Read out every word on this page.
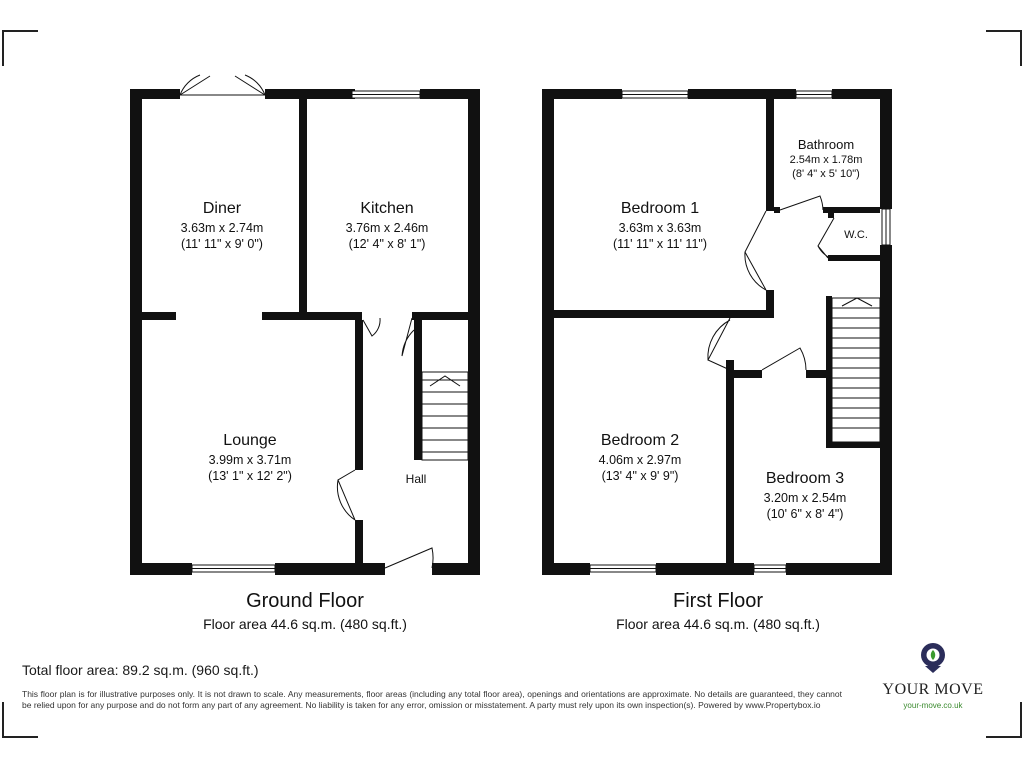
Diner
3.63m x 2.74m
(11' 11" x 9' 0")
Kitchen
3.76m x 2.46m
(12' 4" x 8' 1")
Lounge
3.99m x 3.71m
(13' 1" x 12' 2")	Hall
Ground Floor
Floor area 44.6 sq.m. (480 sq.ft.)
Bedroom 1
3.63m x 3.63m
(11' 11" x 11' 11")
Bathroom
2.54m x 1.78m
(8' 4" x 5' 10")
W.C.
Bedroom 2
4.06m x 2.97m
(13' 4" x 9' 9")	Bedroom 3
3.20m x 2.54m
(10' 6" x 8' 4")
First Floor
Floor area 44.6 sq.m. (480 sq.ft.)
Total floor area: 89.2 sq.m. (960 sq.ft.)
This floor plan is for illustrative purposes only. It is not drawn to scale. Any measurements, floor areas (including any total floor area), openings and orientations are approximate. No details are guaranteed, they cannot be relied upon for any purpose and do not form any part of any agreement. No liability is taken for any error, omission or misstatement. A party must rely upon its own inspection(s). Powered by www.Propertybox.io
YOUR MOVE
your-move.co.uk
